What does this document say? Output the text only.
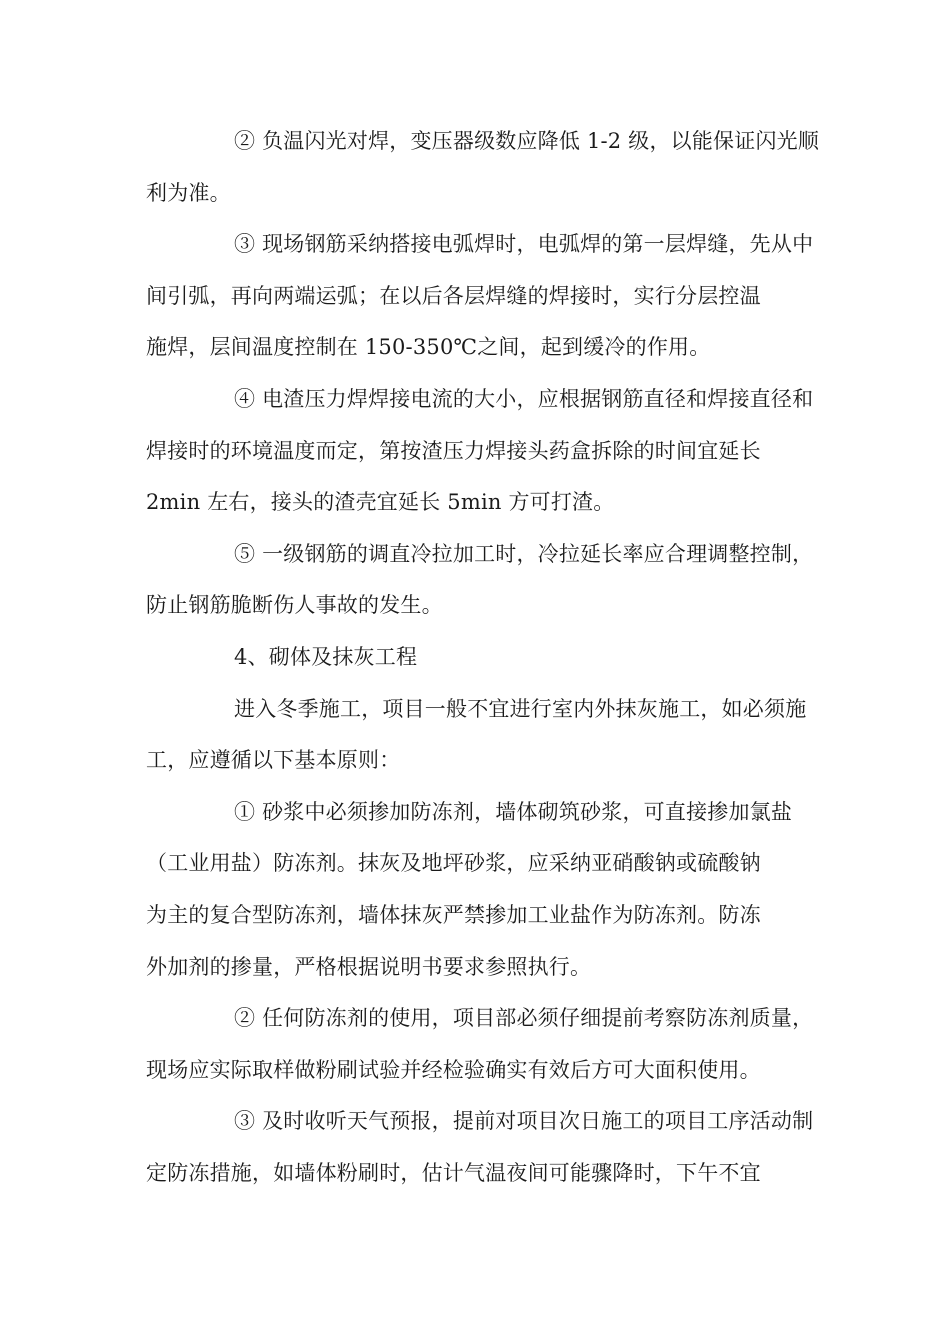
② 负温闪光对焊，变压器级数应降低 1-2 级，以能保证闪光顺
利为准。
③ 现场钢筋采纳搭接电弧焊时，电弧焊的第一层焊缝，先从中
间引弧，再向两端运弧；在以后各层焊缝的焊接时，实行分层控温
施焊，层间温度控制在 150-350℃之间，起到缓冷的作用。
④ 电渣压力焊焊接电流的大小，应根据钢筋直径和焊接直径和
焊接时的环境温度而定，第按渣压力焊接头药盒拆除的时间宜延长
2min 左右，接头的渣壳宜延长 5min 方可打渣。
⑤ 一级钢筋的调直冷拉加工时，冷拉延长率应合理调整控制，
防止钢筋脆断伤人事故的发生。
4、砌体及抹灰工程
进入冬季施工，项目一般不宜进行室内外抹灰施工，如必须施
工，应遵循以下基本原则：
① 砂浆中必须掺加防冻剂，墙体砌筑砂浆，可直接掺加氯盐
（工业用盐）防冻剂。抹灰及地坪砂浆，应采纳亚硝酸钠或硫酸钠
为主的复合型防冻剂，墙体抹灰严禁掺加工业盐作为防冻剂。防冻
外加剂的掺量，严格根据说明书要求参照执行。
② 任何防冻剂的使用，项目部必须仔细提前考察防冻剂质量，
现场应实际取样做粉刷试验并经检验确实有效后方可大面积使用。
③ 及时收听天气预报，提前对项目次日施工的项目工序活动制
定防冻措施，如墙体粉刷时，估计气温夜间可能骤降时，下午不宜
